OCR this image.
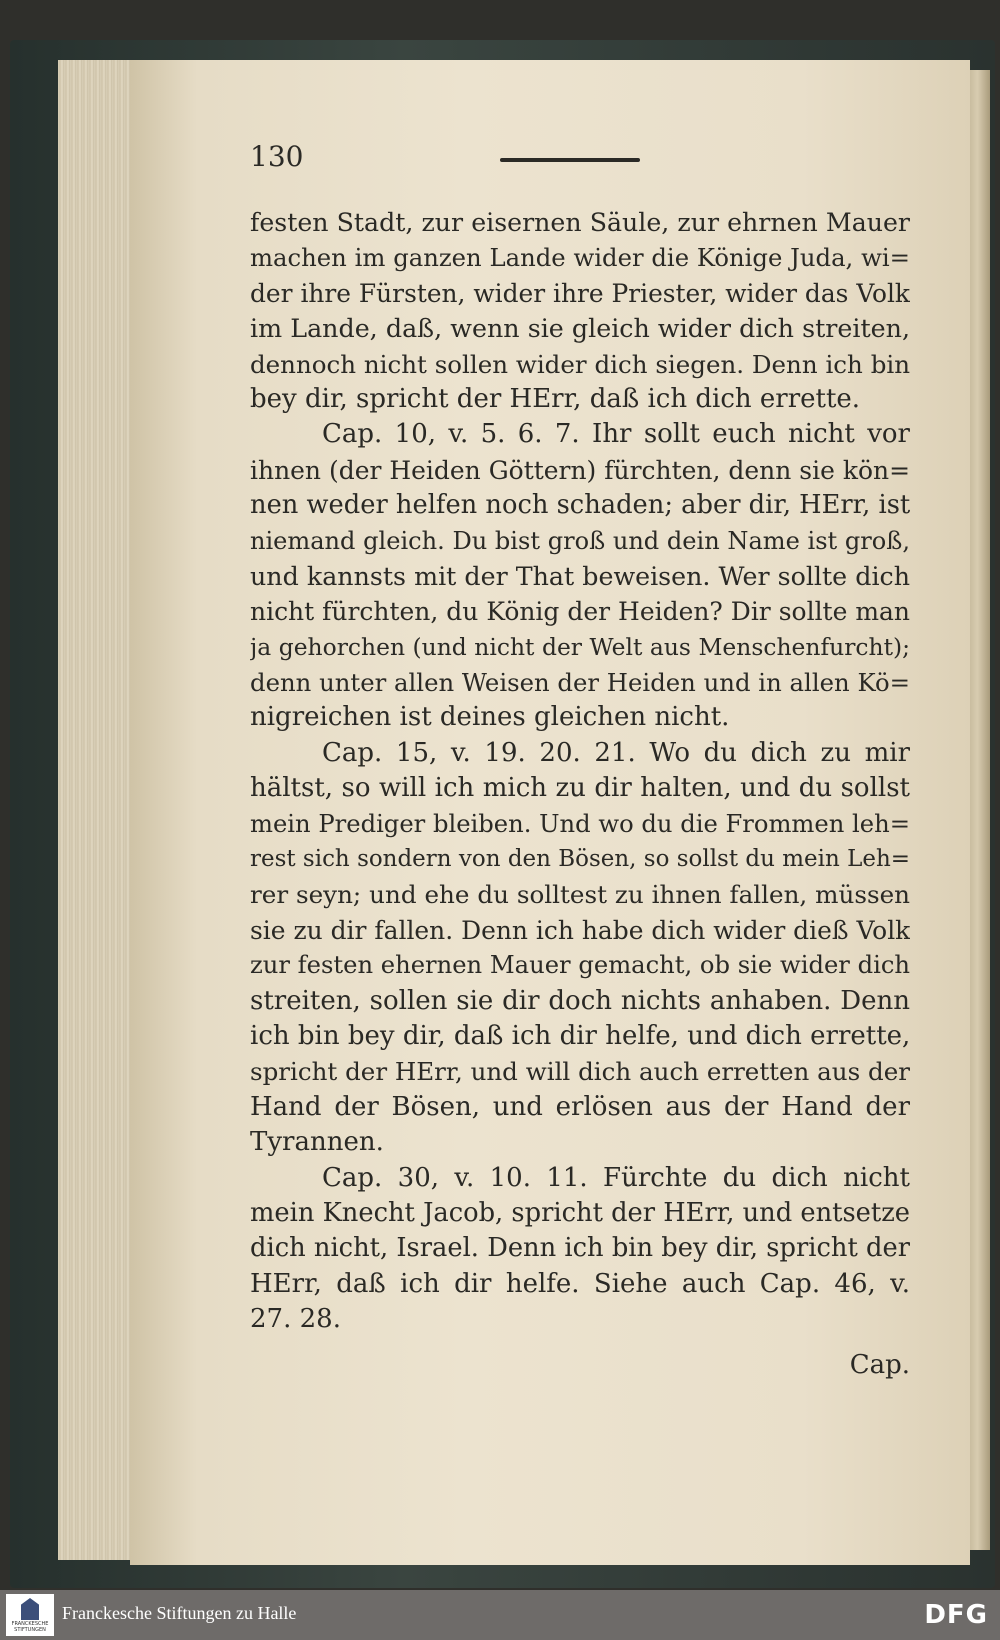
130
festen Stadt, zur eisernen Säule, zur ehrnen Mauer
machen im ganzen Lande wider die Könige Juda, wi=
der ihre Fürsten, wider ihre Priester, wider das Volk
im Lande, daß, wenn sie gleich wider dich streiten,
dennoch nicht sollen wider dich siegen. Denn ich bin
bey dir, spricht der HErr, daß ich dich errette.
Cap. 10, v. 5. 6. 7. Ihr sollt euch nicht vor
ihnen (der Heiden Göttern) fürchten, denn sie kön=
nen weder helfen noch schaden; aber dir, HErr, ist
niemand gleich. Du bist groß und dein Name ist groß,
und kannsts mit der That beweisen. Wer sollte dich
nicht fürchten, du König der Heiden? Dir sollte man
ja gehorchen (und nicht der Welt aus Menschenfurcht);
denn unter allen Weisen der Heiden und in allen Kö=
nigreichen ist deines gleichen nicht.
Cap. 15, v. 19. 20. 21. Wo du dich zu mir
hältst, so will ich mich zu dir halten, und du sollst
mein Prediger bleiben. Und wo du die Frommen leh=
rest sich sondern von den Bösen, so sollst du mein Leh=
rer seyn; und ehe du solltest zu ihnen fallen, müssen
sie zu dir fallen. Denn ich habe dich wider dieß Volk
zur festen ehernen Mauer gemacht, ob sie wider dich
streiten, sollen sie dir doch nichts anhaben. Denn
ich bin bey dir, daß ich dir helfe, und dich errette,
spricht der HErr, und will dich auch erretten aus der
Hand der Bösen, und erlösen aus der Hand der
Tyrannen.
Cap. 30, v. 10. 11. Fürchte du dich nicht
mein Knecht Jacob, spricht der HErr, und entsetze
dich nicht, Israel. Denn ich bin bey dir, spricht der
HErr, daß ich dir helfe. Siehe auch Cap. 46, v.
27. 28.
Cap.
FRANCKESCHE STIFTUNGEN
Franckesche Stiftungen zu Halle	DFG
